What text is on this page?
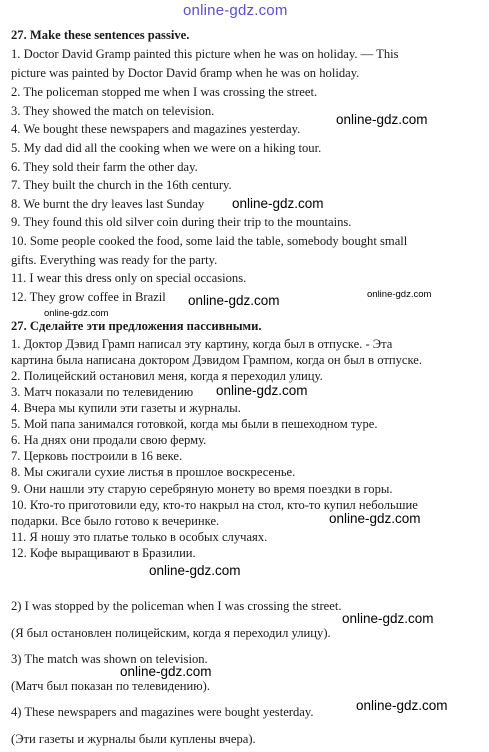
online-gdz.com
27. Make these sentences passive.
1. Doctor David Gramp painted this picture when he was on holiday. — This
picture was painted by Doctor David бramp when he was on holiday.
2. The policeman stopped me when I was crossing the street.
3. They showed the match on television.
4. We bought these newspapers and magazines yesterday.
5. My dad did all the cooking when we were on a hiking tour.
6. They sold their farm the other day.
7. They built the church in the 16th century.
8. We burnt the dry leaves last Sunday
9. They found this old silver coin during their trip to the mountains.
10. Some people cooked the food, some laid the table, somebody bought small
gifts. Everything was ready for the party.
11. I wear this dress only on special occasions.
12. They grow coffee in Brazil
27. Сделайте эти предложения пассивными.
1. Доктор Дэвид Грамп написал эту картину, когда был в отпуске. - Эта
картина была написана доктором Дэвидом Грампом, когда он был в отпуске.
2. Полицейский остановил меня, когда я переходил улицу.
3. Матч показали по телевидению
4. Вчера мы купили эти газеты и журналы.
5. Мой папа занимался готовкой, когда мы были в пешеходном туре.
6. На днях они продали свою ферму.
7. Церковь построили в 16 веке.
8. Мы сжигали сухие листья в прошлое воскресенье.
9. Они нашли эту старую серебряную монету во время поездки в горы.
10. Кто-то приготовили еду, кто-то накрыл на стол, кто-то купил небольшие
подарки. Все было готово к вечеринке.
11. Я ношу это платье только в особых случаях.
12. Кофе выращивают в Бразилии.
2) I was stopped by the policeman when I was crossing the street.
(Я был остановлен полицейским, когда я переходил улицу).
3) The match was shown on television.
(Матч был показан по телевидению).
4) These newspapers and magazines were bought yesterday.
(Эти газеты и журналы были куплены вчера).
online-gdz.com
online-gdz.com
online-gdz.com	online-gdz.com
online-gdz.com
online-gdz.com
online-gdz.com
online-gdz.com
online-gdz.com
online-gdz.com
online-gdz.com
